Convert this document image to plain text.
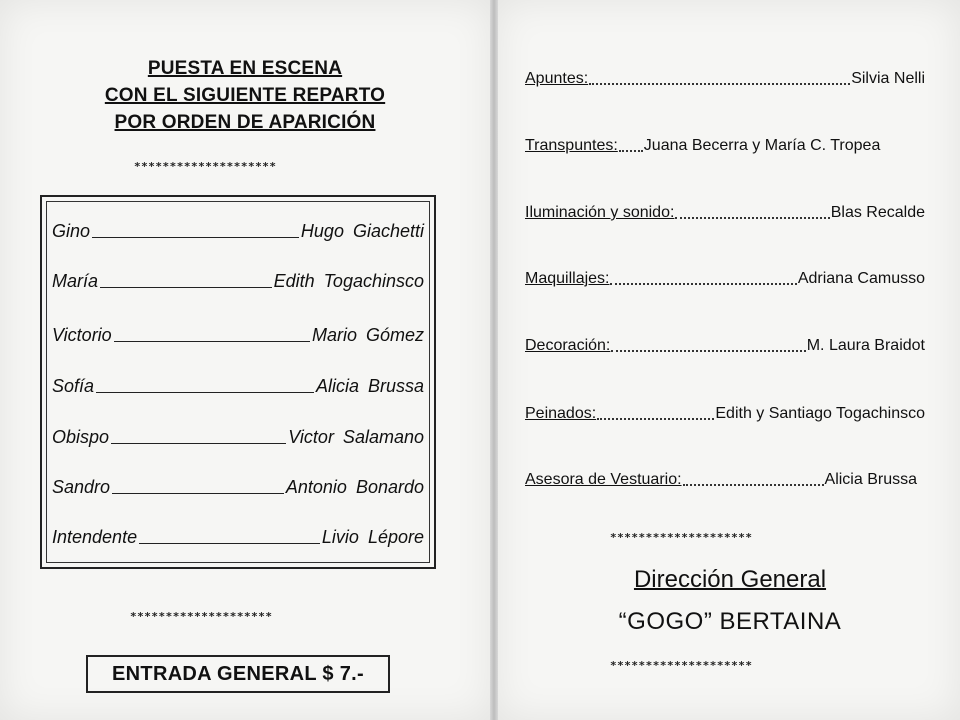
PUESTA EN ESCENA
CON EL SIGUIENTE REPARTO
POR ORDEN DE APARICIÓN
********************
Gino	Hugo Giachetti
María	Edith Togachinsco
Victorio	Mario Gómez
Sofía	Alicia Brussa
Obispo	Victor Salamano
Sandro	Antonio Bonardo
Intendente	Livio Lépore
********************
ENTRADA GENERAL $ 7.-
Apuntes:	Silvia Nelli
Transpuntes: Juana Becerra y María C. Tropea
Iluminación y sonido:	Blas Recalde
Maquillajes:	Adriana Camusso
Decoración:	M. Laura Braidot
Peinados:	Edith y Santiago Togachinsco
Asesora de Vestuario:	Alicia Brussa
********************
Dirección General
“GOGO” BERTAINA
********************
